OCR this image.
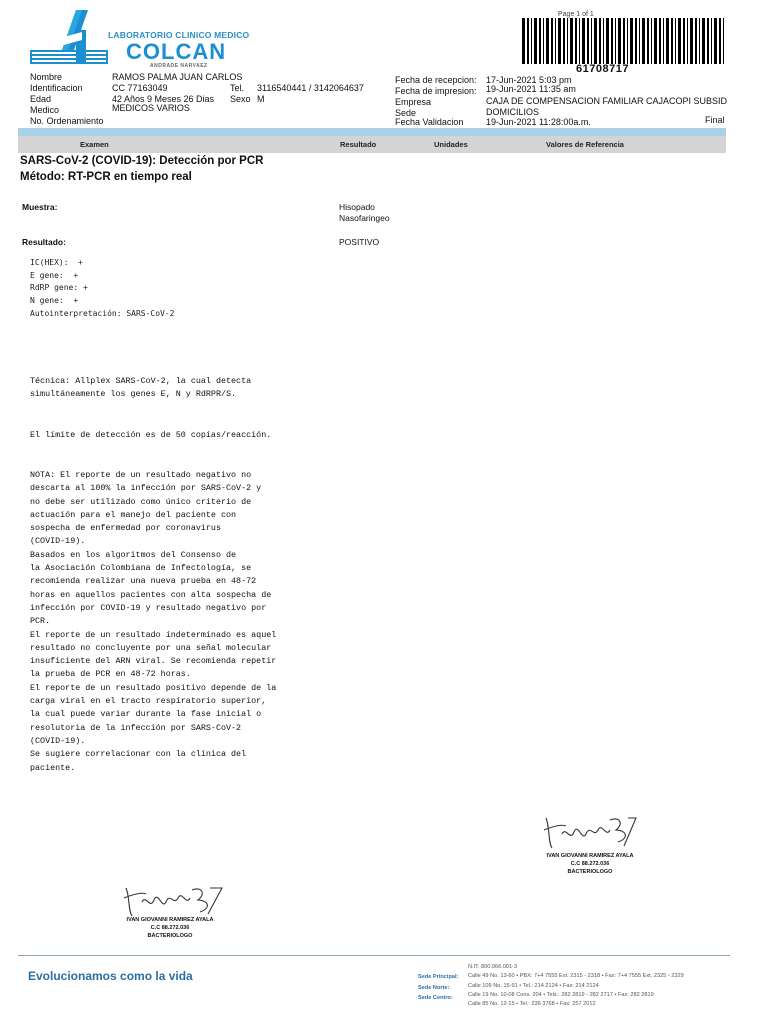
LABORATORIO CLINICO MEDICO
COLCAN
ANDRADE NARVAEZ
Page 1 of 1
61708717
Nombre	RAMOS PALMA JUAN CARLOS
Identificacion	CC 77163049	Tel. 3116540441 / 3142064637
Edad	42 Años 9 Meses 26 Dias Sexo M
Medico	MEDICOS VARIOS
No. Ordenamiento
Fecha de recepcion: 17-Jun-2021 5:03 pm
Fecha de impresion: 19-Jun-2021 11:35 am
Empresa	CAJA DE COMPENSACION FAMILIAR CAJACOPI SUBSID
Sede	DOMICILIOS
Fecha Validacion	19-Jun-2021 11:28:00a.m.	Final
Examen	Resultado	Unidades	Valores de Referencia
SARS-CoV-2 (COVID-19): Detección por PCR
Método: RT-PCR en tiempo real
Muestra:	Hisopado
Nasofaringeo
Resultado:	POSITIVO
IC(HEX):  +
E gene:  +
RdRP gene: +
N gene:  +
Autointerpretación: SARS-CoV-2
Técnica: Allplex SARS-CoV-2, la cual detecta
simultáneamente los genes E, N y RdRPR/S.
El límite de detección es de 50 copias/reacción.
NOTA: El reporte de un resultado negativo no
descarta al 100% la infección por SARS-CoV-2 y
no debe ser utilizado como único criterio de
actuación para el manejo del paciente con
sospecha de enfermedad por coronavirus
(COVID-19).
Basados en los algoritmos del Consenso de
la Asociación Colombiana de Infectología, se
recomienda realizar una nueva prueba en 48-72
horas en aquellos pacientes con alta sospecha de
infección por COVID-19 y resultado negativo por
PCR.
El reporte de un resultado indeterminado es aquel
resultado no concluyente por una señal molecular
insuficiente del ARN viral. Se recomienda repetir
la prueba de PCR en 48-72 horas.
El reporte de un resultado positivo depende de la
carga viral en el tracto respiratorio superior,
la cual puede variar durante la fase inicial o
resolutoria de la infección por SARS-CoV-2
(COVID-19).
Se sugiere correlacionar con la clínica del
paciente.
IVAN GIOVANNI RAMIREZ AYALA
C.C 88.272.036
BACTERIOLOGO
IVAN GIOVANNI RAMIREZ AYALA
C.C 88.272.036
BACTERIOLOGO
Evolucionamos como la vida
N.IT. 800.066.001-3
Sede Principal: Calle 49 No. 13-60 • PBX: 7+4 7555 Ext. 2315 - 2318 • Fax: 7+4 7555 Ext. 2325 - 2329
Sede Norte:	Calle 109 No. 15-91 • Tel.: 214 2124 • Fax: 214 2124
Sede Centro:	Calle 19 No. 10-08 Cons. 204 • Tels.: 282 2819 - 282 2717 • Fax: 282 2819
Calle 85 No. 12-15 • Tel.: 236 3768 • Fax: 257 2012
